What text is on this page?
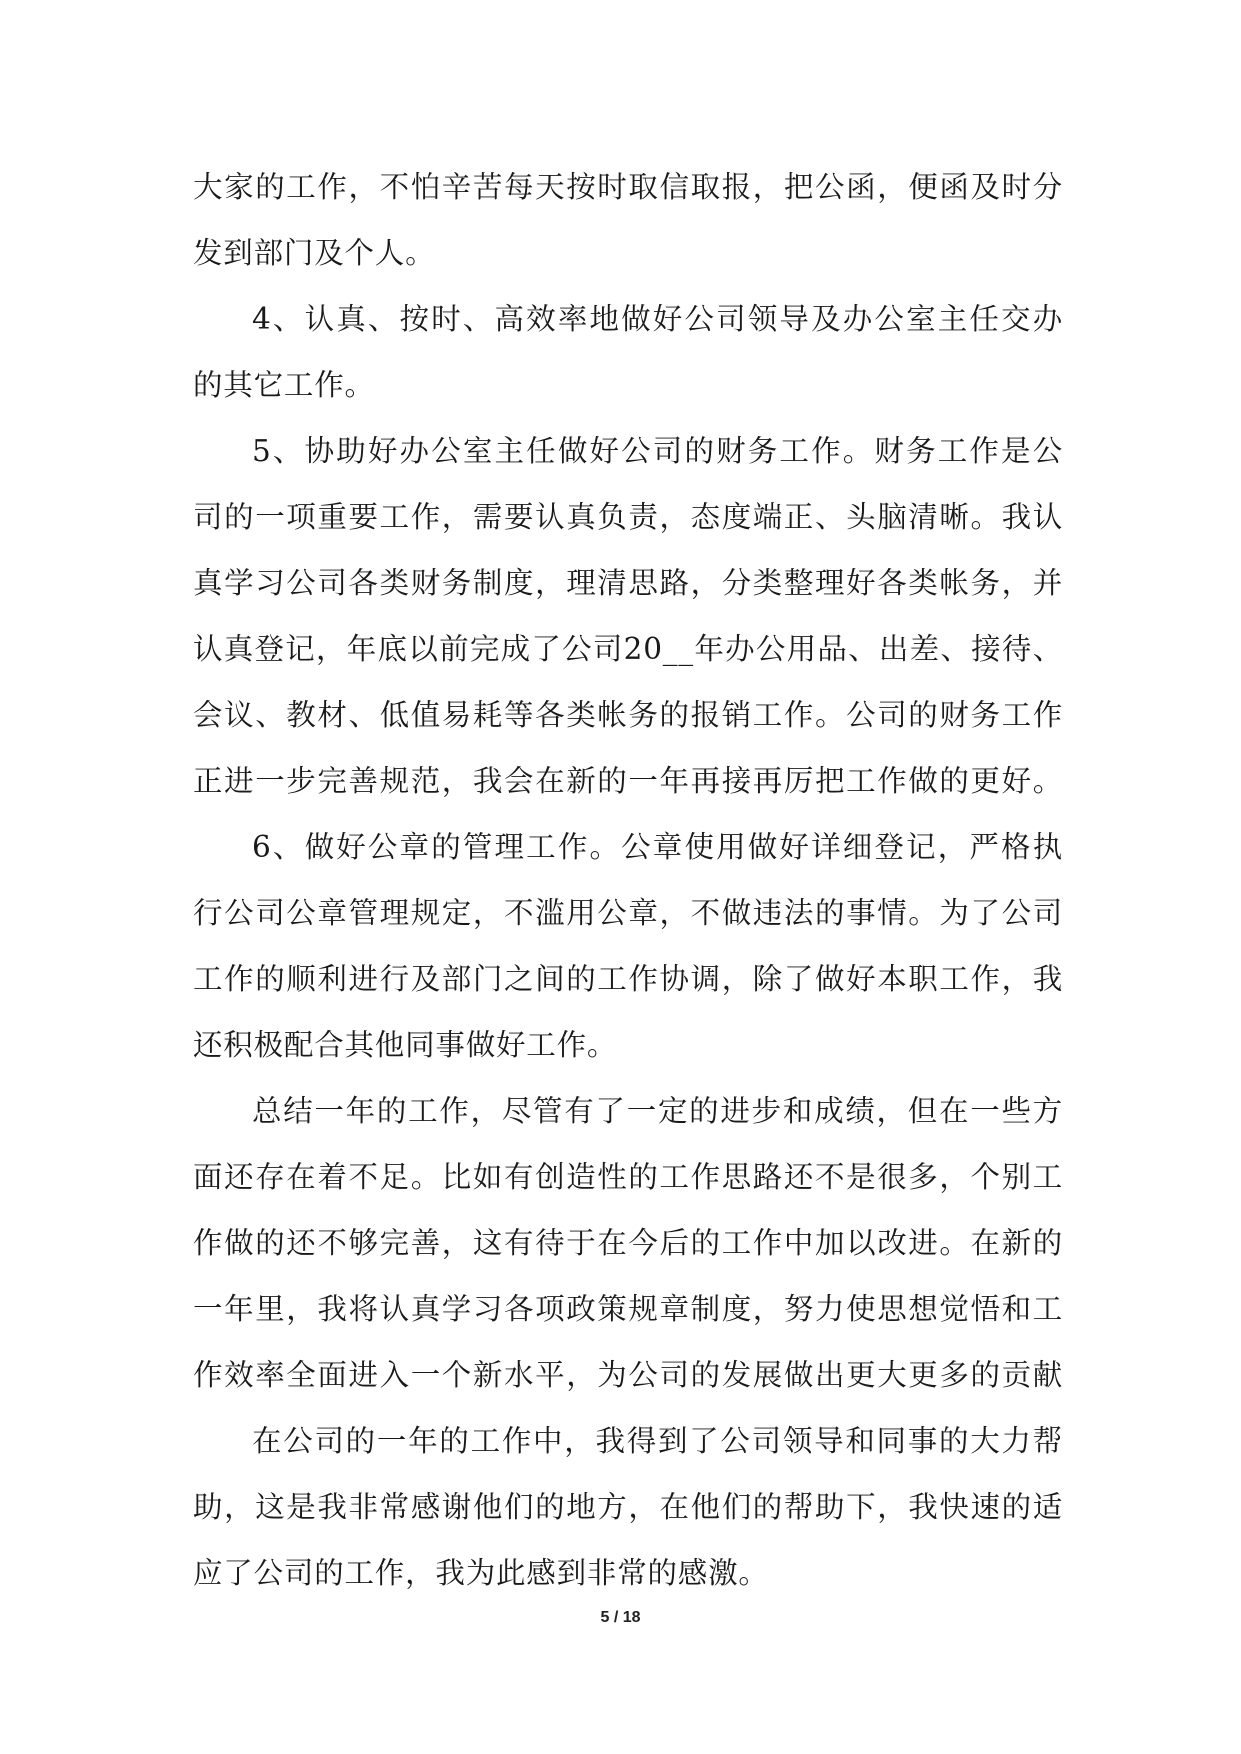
大家的工作，不怕辛苦每天按时取信取报，把公函，便函及时分
发到部门及个人。
4、认真、按时、高效率地做好公司领导及办公室主任交办
的其它工作。
5、协助好办公室主任做好公司的财务工作。财务工作是公
司的一项重要工作，需要认真负责，态度端正、头脑清晰。我认
真学习公司各类财务制度，理清思路，分类整理好各类帐务，并
认真登记，年底以前完成了公司20__年办公用品、出差、接待、
会议、教材、低值易耗等各类帐务的报销工作。公司的财务工作
正进一步完善规范，我会在新的一年再接再厉把工作做的更好。
6、做好公章的管理工作。公章使用做好详细登记，严格执
行公司公章管理规定，不滥用公章，不做违法的事情。为了公司
工作的顺利进行及部门之间的工作协调，除了做好本职工作，我
还积极配合其他同事做好工作。
总结一年的工作，尽管有了一定的进步和成绩，但在一些方
面还存在着不足。比如有创造性的工作思路还不是很多，个别工
作做的还不够完善，这有待于在今后的工作中加以改进。在新的
一年里，我将认真学习各项政策规章制度，努力使思想觉悟和工
作效率全面进入一个新水平，为公司的发展做出更大更多的贡献
在公司的一年的工作中，我得到了公司领导和同事的大力帮
助，这是我非常感谢他们的地方，在他们的帮助下，我快速的适
应了公司的工作，我为此感到非常的感激。
5 / 18
